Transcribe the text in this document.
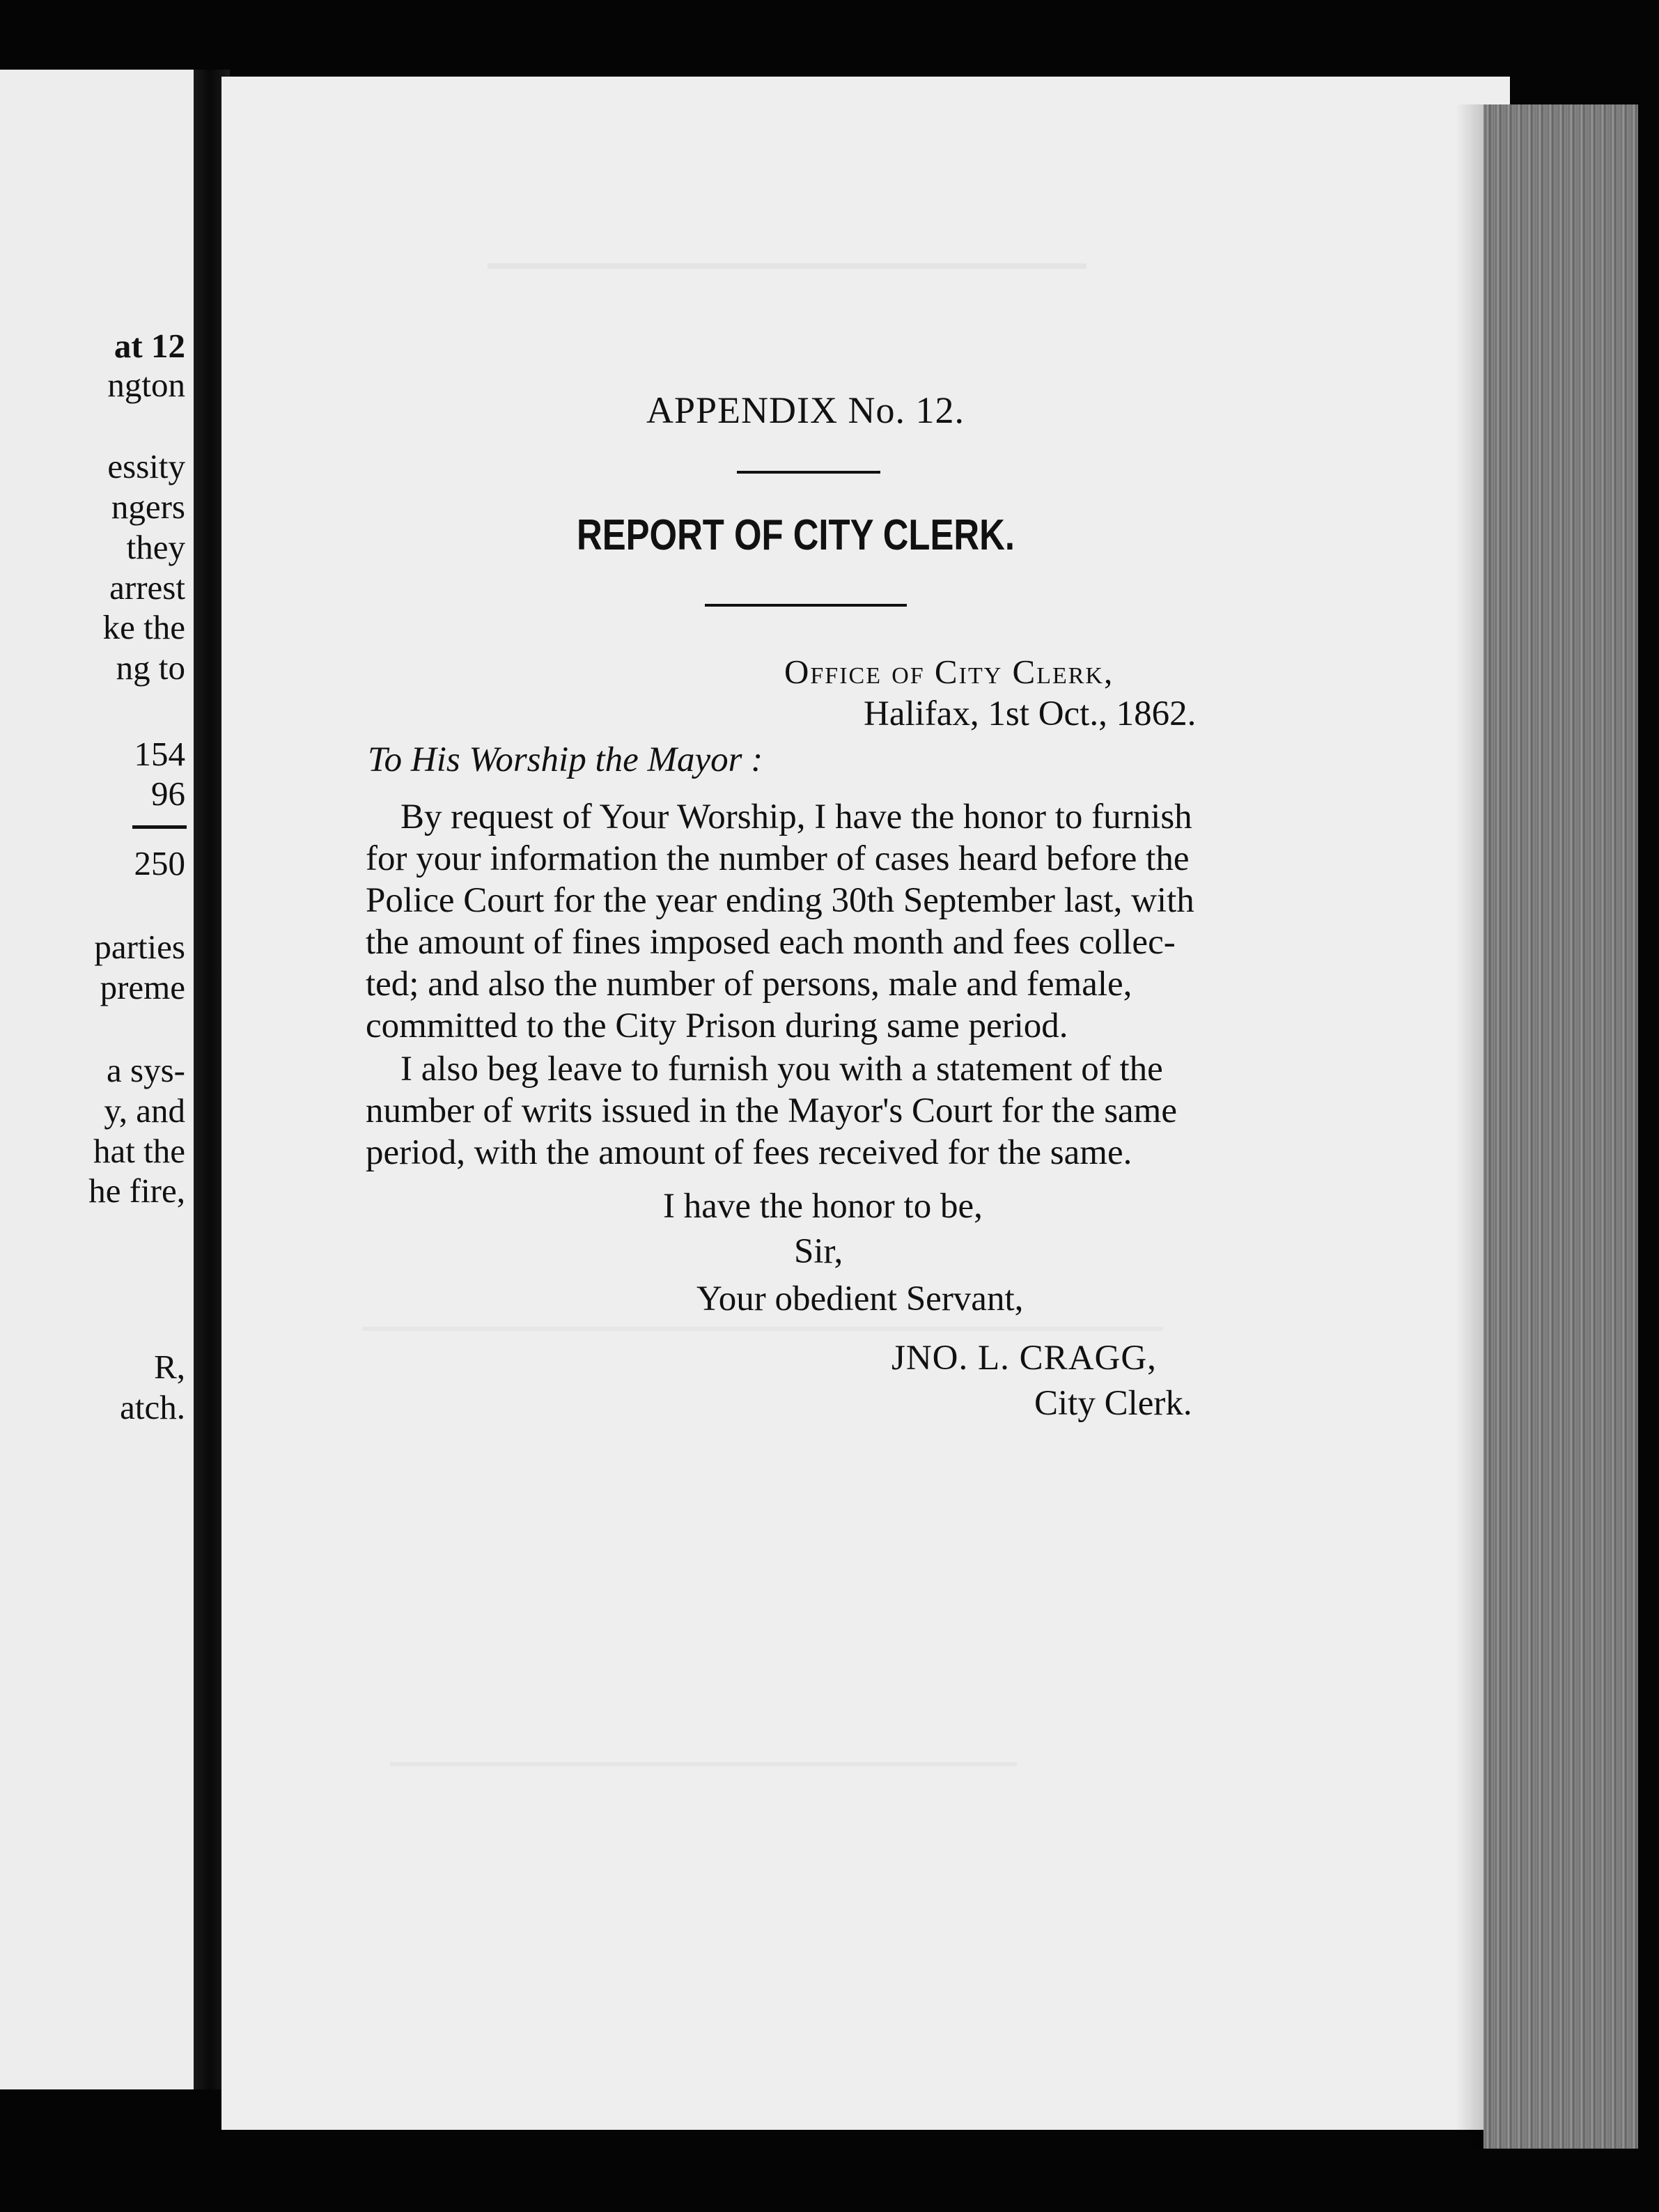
at 12
ngton
essity
ngers
they
arrest
ke the
ng to
154
96
250
parties
preme
a sys-
y, and
hat the
he fire,
R,
atch.
APPENDIX No. 12.
REPORT OF CITY CLERK.
Office of City Clerk,
Halifax, 1st Oct., 1862.
To His Worship the Mayor :
By request of Your Worship, I have the honor to furnish
for your information the number of cases heard before the
Police Court for the year ending 30th September last, with
the amount of fines imposed each month and fees collec-
ted; and also the number of persons, male and female,
committed to the City Prison during same period.
I also beg leave to furnish you with a statement of the
number of writs issued in the Mayor's Court for the same
period, with the amount of fees received for the same.
I have the honor to be,
Sir,
Your obedient Servant,
JNO. L. CRAGG,
City Clerk.
